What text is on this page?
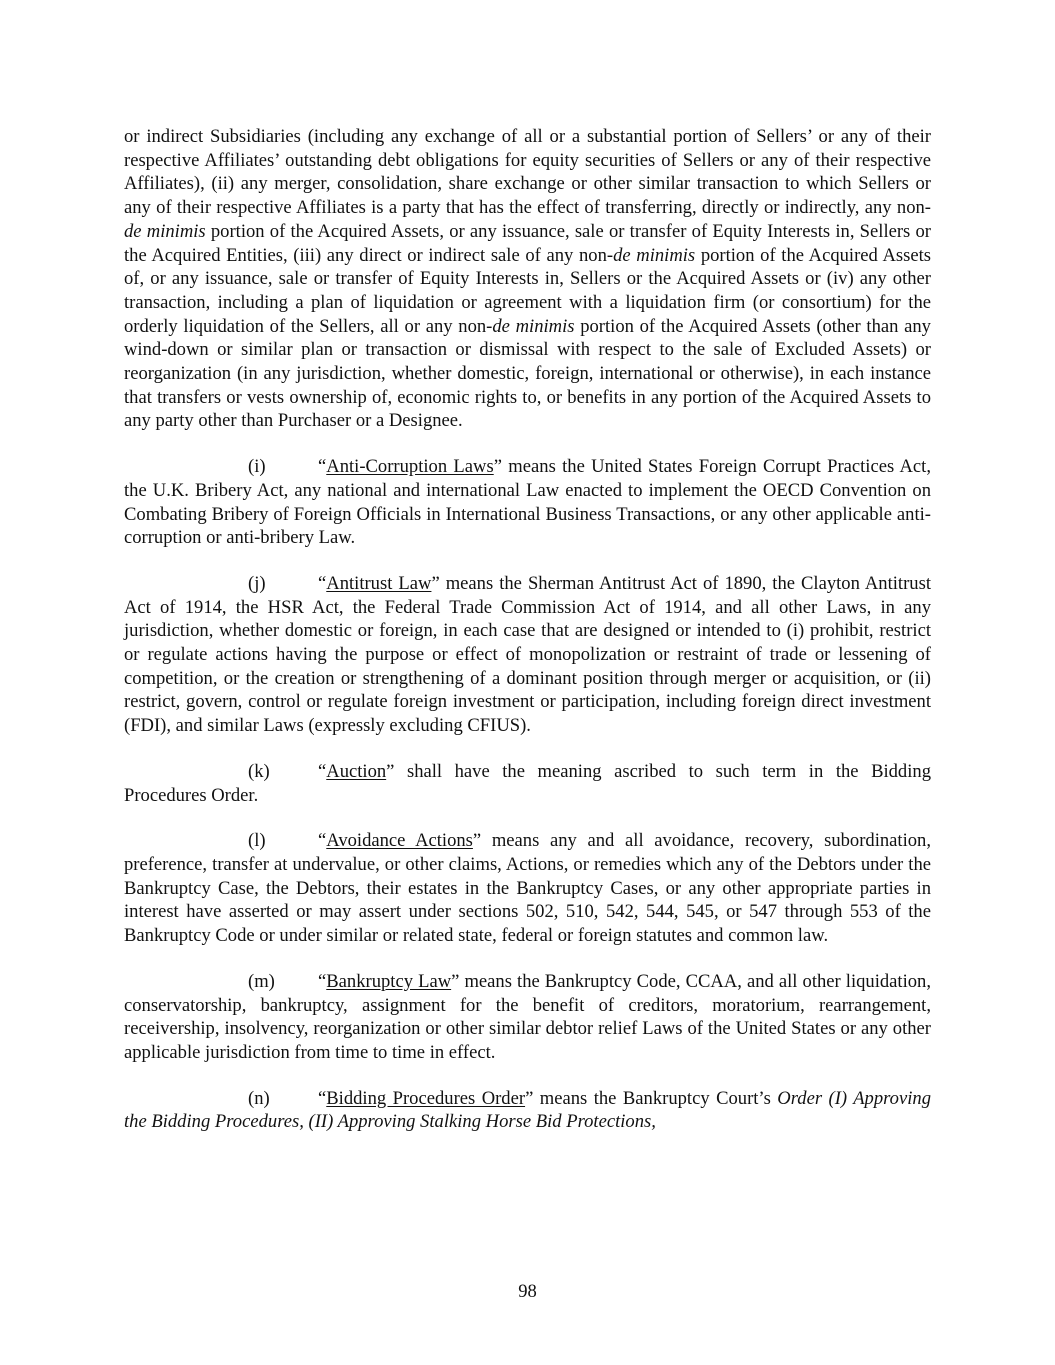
or indirect Subsidiaries (including any exchange of all or a substantial portion of Sellers’ or any of their respective Affiliates’ outstanding debt obligations for equity securities of Sellers or any of their respective Affiliates), (ii) any merger, consolidation, share exchange or other similar transaction to which Sellers or any of their respective Affiliates is a party that has the effect of transferring, directly or indirectly, any non-de minimis portion of the Acquired Assets, or any issuance, sale or transfer of Equity Interests in, Sellers or the Acquired Entities, (iii) any direct or indirect sale of any non-de minimis portion of the Acquired Assets of, or any issuance, sale or transfer of Equity Interests in, Sellers or the Acquired Assets or (iv) any other transaction, including a plan of liquidation or agreement with a liquidation firm (or consortium) for the orderly liquidation of the Sellers, all or any non-de minimis portion of the Acquired Assets (other than any wind-down or similar plan or transaction or dismissal with respect to the sale of Excluded Assets) or reorganization (in any jurisdiction, whether domestic, foreign, international or otherwise), in each instance that transfers or vests ownership of, economic rights to, or benefits in any portion of the Acquired Assets to any party other than Purchaser or a Designee.

(i)	“Anti-Corruption Laws” means the United States Foreign Corrupt Practices Act, the U.K. Bribery Act, any national and international Law enacted to implement the OECD Convention on Combating Bribery of Foreign Officials in International Business Transactions, or any other applicable anti-corruption or anti-bribery Law.

(j)	“Antitrust Law” means the Sherman Antitrust Act of 1890, the Clayton Antitrust Act of 1914, the HSR Act, the Federal Trade Commission Act of 1914, and all other Laws, in any jurisdiction, whether domestic or foreign, in each case that are designed or intended to (i) prohibit, restrict or regulate actions having the purpose or effect of monopolization or restraint of trade or lessening of competition, or the creation or strengthening of a dominant position through merger or acquisition, or (ii) restrict, govern, control or regulate foreign investment or participation, including foreign direct investment (FDI), and similar Laws (expressly excluding CFIUS).

(k)	“Auction” shall have the meaning ascribed to such term in the Bidding Procedures Order.

(l)	“Avoidance Actions” means any and all avoidance, recovery, subordination, preference, transfer at undervalue, or other claims, Actions, or remedies which any of the Debtors under the Bankruptcy Case, the Debtors, their estates in the Bankruptcy Cases, or any other appropriate parties in interest have asserted or may assert under sections 502, 510, 542, 544, 545, or 547 through 553 of the Bankruptcy Code or under similar or related state, federal or foreign statutes and common law.

(m) “Bankruptcy Law” means the Bankruptcy Code, CCAA, and all other liquidation, conservatorship, bankruptcy, assignment for the benefit of creditors, moratorium, rearrangement, receivership, insolvency, reorganization or other similar debtor relief Laws of the United States or any other applicable jurisdiction from time to time in effect.

(n)	“Bidding Procedures Order” means the Bankruptcy Court’s Order (I) Approving the Bidding Procedures, (II) Approving Stalking Horse Bid Protections,

98
